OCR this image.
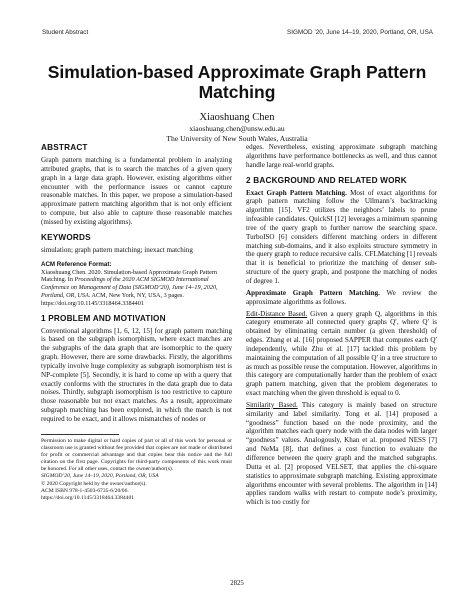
Student Abstract	SIGMOD ’20, June 14–19, 2020, Portland, OR, USA
Simulation-based Approximate Graph Pattern Matching
Xiaoshuang Chen
xiaoshuang.chen@unsw.edu.au
The University of New South Wales, Australia
ABSTRACT

Graph pattern matching is a fundamental problem in analyzing attributed graphs, that is to search the matches of a given query graph in a large data graph. However, existing algorithms either encounter with the performance issues or cannot capture reasonable matches. In this paper, we propose a simulation-based approximate pattern matching algorithm that is not only efficient to compute, but also able to capture those reasonable matches (missed by existing algorithms).

KEYWORDS

simulation; graph pattern matching; inexact matching

ACM Reference Format:
Xiaoshuang Chen. 2020. Simulation-based Approximate Graph Pattern Matching. In Proceedings of the 2020 ACM SIGMOD International Conference on Management of Data (SIGMOD’20), June 14–19, 2020, Portland, OR, USA. ACM, New York, NY, USA, 3 pages. https://doi.org/10.1145/3318464.3384401
1 PROBLEM AND MOTIVATION

Conventional algorithms [1, 6, 12, 15] for graph pattern matching is based on the subgraph isomorphism, where exact matches are the subgraphs of the data graph that are isomorphic to the query graph. However, there are some drawbacks. Firstly, the algorithms typically involve huge complexity as subgraph isomorphism test is NP-complete [5]. Secondly, it is hard to come up with a query that exactly conforms with the structures in the data graph due to data noises. Thirdly, subgraph isomorphism is too restrictive to capture those reasonable but not exact matches. As a result, approximate subgraph matching has been explored, in which the match is not required to be exact, and it allows mismatches of nodes or

Permission to make digital or hard copies of part or all of this work for personal or classroom use is granted without fee provided that copies are not made or distributed for profit or commercial advantage and that copies bear this notice and the full citation on the first page. Copyrights for third-party components of this work must be honored. For all other uses, contact the owner/author(s).

SIGMOD’20, June 14–19, 2020, Portland, OR, USA

© 2020 Copyright held by the owner/author(s).

ACM ISBN 978-1-4503-6735-6/20/06.

https://doi.org/10.1145/3318464.3384401

edges. Nevertheless, existing approximate subgraph matching algorithms have performance bottlenecks as well, and thus cannot handle large real-world graphs.

2 BACKGROUND AND RELATED WORK

Exact Graph Pattern Matching. Most of exact algorithms for graph pattern matching follow the Ullmann’s backtracking algorithm [15]. VF2 utilizes the neighbors’ labels to prune infeasible candidates. QuickSI [12] leverages a minimum spanning tree of the query graph to further narrow the searching space. TurboISO [6] considers different matching orders in different matching sub-domains, and it also exploits structure symmetry in the query graph to reduce recursive calls. CFLMatching [1] reveals that it is beneficial to prioritize the matching of denser sub-structure of the query graph, and postpone the matching of nodes of degree 1.

Approximate Graph Pattern Matching. We review the approximate algorithms as follows.

Edit-Distance Based. Given a query graph Q, algorithms in this category enumerate all connected query graphs Q′, where Q′ is obtained by eliminating certain number (a given threshold) of edges. Zhang et al. [16] proposed SAPPER that computes each Q′ independently, while Zhu et al. [17] tackled this problem by maintaining the computation of all possible Q′ in a tree structure to as much as possible reuse the computation. However, algorithms in this category are computationally harder than the problem of exact graph pattern matching, given that the problem degenerates to exact matching when the given threshold is equal to 0.

Similarity Based. This category is mainly based on structure similarity and label similarity. Tong et al. [14] proposed a “goodness” function based on the node proximity, and the algorithm matches each query node with the data nodes with larger “goodness” values. Analogously, Khan et al. proposed NESS [7] and NeMa [8], that defines a cost function to evaluate the difference between the query graph and the matched subgraphs. Dutta et al. [2] proposed VELSET, that applies the chi-square statistics to approximate subgraph matching. Existing approximate algorithms encounter with several problems. The algorithm in [14] applies random walks with restart to compute node’s proximity, which is too costly for

2825
